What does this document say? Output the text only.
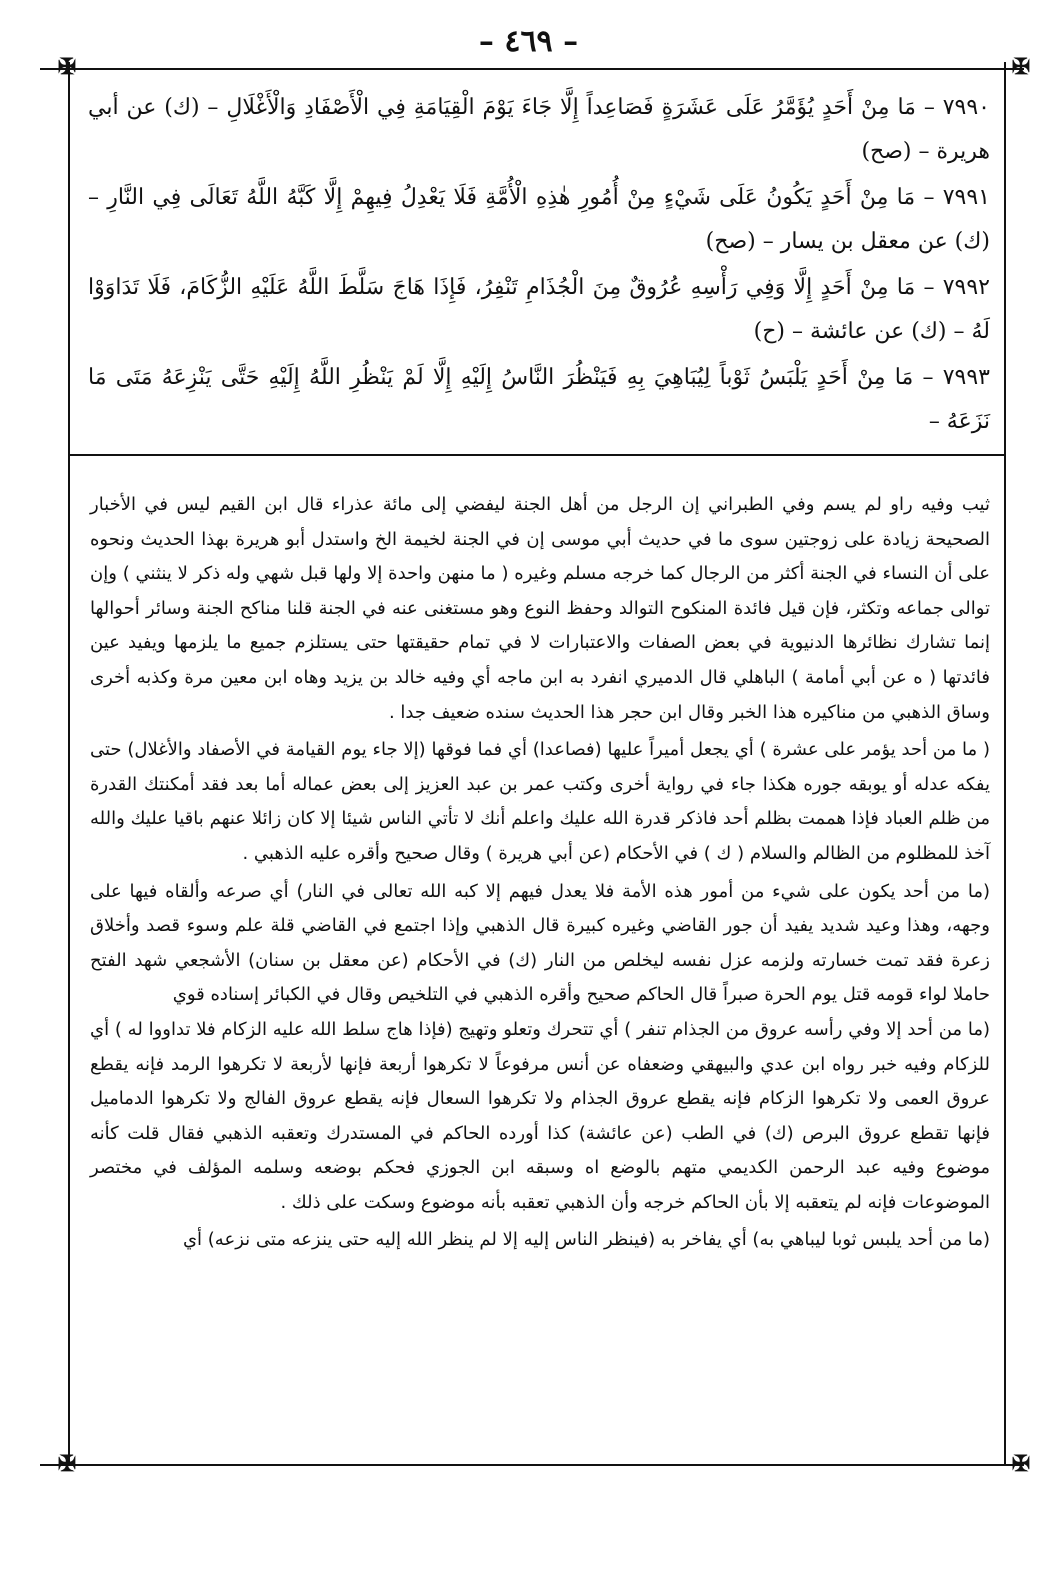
– ٤٦٩ –
✠	✠
✠	✠

٧٩٩٠ – مَا مِنْ أَحَدٍ يُؤَمَّرُ عَلَى عَشَرَةٍ فَصَاعِداً إِلَّا جَاءَ يَوْمَ الْقِيَامَةِ فِي الْأَصْفَادِ وَالْأَغْلَالِ – (ك) عن أبي هريرة – (صح)

٧٩٩١ – مَا مِنْ أَحَدٍ يَكُونُ عَلَى شَيْءٍ مِنْ أُمُورِ هٰذِهِ الْأُمَّةِ فَلَا يَعْدِلُ فِيهِمْ إِلَّا كَبَّهُ اللَّهُ تَعَالَى فِي النَّارِ – (ك) عن معقل بن يسار – (صح)

٧٩٩٢ – مَا مِنْ أَحَدٍ إِلَّا وَفِي رَأْسِهِ عُرُوقٌ مِنَ الْجُذَامِ تَنْفِرُ، فَإِذَا هَاجَ سَلَّطَ اللَّهُ عَلَيْهِ الزُّكَامَ، فَلَا تَدَاوَوْا لَهُ – (ك) عن عائشة – (ح)

٧٩٩٣ – مَا مِنْ أَحَدٍ يَلْبَسُ ثَوْباً لِيُبَاهِيَ بِهِ فَيَنْظُرَ النَّاسُ إِلَيْهِ إِلَّا لَمْ يَنْظُرِ اللَّهُ إِلَيْهِ حَتَّى يَنْزِعَهُ مَتَى مَا نَزَعَهُ –

ثيب وفيه راو لم يسم وفي الطبراني إن الرجل من أهل الجنة ليفضي إلى مائة عذراء قال ابن القيم ليس في الأخبار الصحيحة زيادة على زوجتين سوى ما في حديث أبي موسى إن في الجنة لخيمة الخ واستدل أبو هريرة بهذا الحديث ونحوه على أن النساء في الجنة أكثر من الرجال كما خرجه مسلم وغيره ( ما منهن واحدة إلا ولها قبل شهي وله ذكر لا ينثني ) وإن توالى جماعه وتكثر، فإن قيل فائدة المنكوح التوالد وحفظ النوع وهو مستغنى عنه في الجنة قلنا مناكح الجنة وسائر أحوالها إنما تشارك نظائرها الدنيوية في بعض الصفات والاعتبارات لا في تمام حقيقتها حتى يستلزم جميع ما يلزمها ويفيد عين فائدتها ( ه عن أبي أمامة ) الباهلي قال الدميري انفرد به ابن ماجه أي وفيه خالد بن يزيد وهاه ابن معين مرة وكذبه أخرى وساق الذهبي من مناكيره هذا الخبر وقال ابن حجر هذا الحديث سنده ضعيف جدا .

( ما من أحد يؤمر على عشرة ) أي يجعل أميراً عليها (فصاعدا) أي فما فوقها (إلا جاء يوم القيامة في الأصفاد والأغلال) حتى يفكه عدله أو يوبقه جوره هكذا جاء في رواية أخرى وكتب عمر بن عبد العزيز إلى بعض عماله أما بعد فقد أمكنتك القدرة من ظلم العباد فإذا هممت بظلم أحد فاذكر قدرة الله عليك واعلم أنك لا تأتي الناس شيئا إلا كان زائلا عنهم باقيا عليك والله آخذ للمظلوم من الظالم والسلام ( ك ) في الأحكام (عن أبي هريرة ) وقال صحيح وأقره عليه الذهبي .

(ما من أحد يكون على شيء من أمور هذه الأمة فلا يعدل فيهم إلا كبه الله تعالى في النار) أي صرعه وألقاه فيها على وجهه، وهذا وعيد شديد يفيد أن جور القاضي وغيره كبيرة قال الذهبي وإذا اجتمع في القاضي قلة علم وسوء قصد وأخلاق زعرة فقد تمت خسارته ولزمه عزل نفسه ليخلص من النار (ك) في الأحكام (عن معقل بن سنان) الأشجعي شهد الفتح حاملا لواء قومه قتل يوم الحرة صبراً قال الحاكم صحيح وأقره الذهبي في التلخيص وقال في الكبائر إسناده قوي

(ما من أحد إلا وفي رأسه عروق من الجذام تنفر ) أي تتحرك وتعلو وتهيج (فإذا هاج سلط الله عليه الزكام فلا تداووا له ) أي للزكام وفيه خبر رواه ابن عدي والبيهقي وضعفاه عن أنس مرفوعاً لا تكرهوا أربعة فإنها لأربعة لا تكرهوا الرمد فإنه يقطع عروق العمى ولا تكرهوا الزكام فإنه يقطع عروق الجذام ولا تكرهوا السعال فإنه يقطع عروق الفالج ولا تكرهوا الدماميل فإنها تقطع عروق البرص (ك) في الطب (عن عائشة) كذا أورده الحاكم في المستدرك وتعقبه الذهبي فقال قلت كأنه موضوع وفيه عبد الرحمن الكديمي متهم بالوضع اه وسبقه ابن الجوزي فحكم بوضعه وسلمه المؤلف في مختصر الموضوعات فإنه لم يتعقبه إلا بأن الحاكم خرجه وأن الذهبي تعقبه بأنه موضوع وسكت على ذلك .

(ما من أحد يلبس ثوبا ليباهي به) أي يفاخر به (فينظر الناس إليه إلا لم ينظر الله إليه حتى ينزعه متى نزعه) أي
